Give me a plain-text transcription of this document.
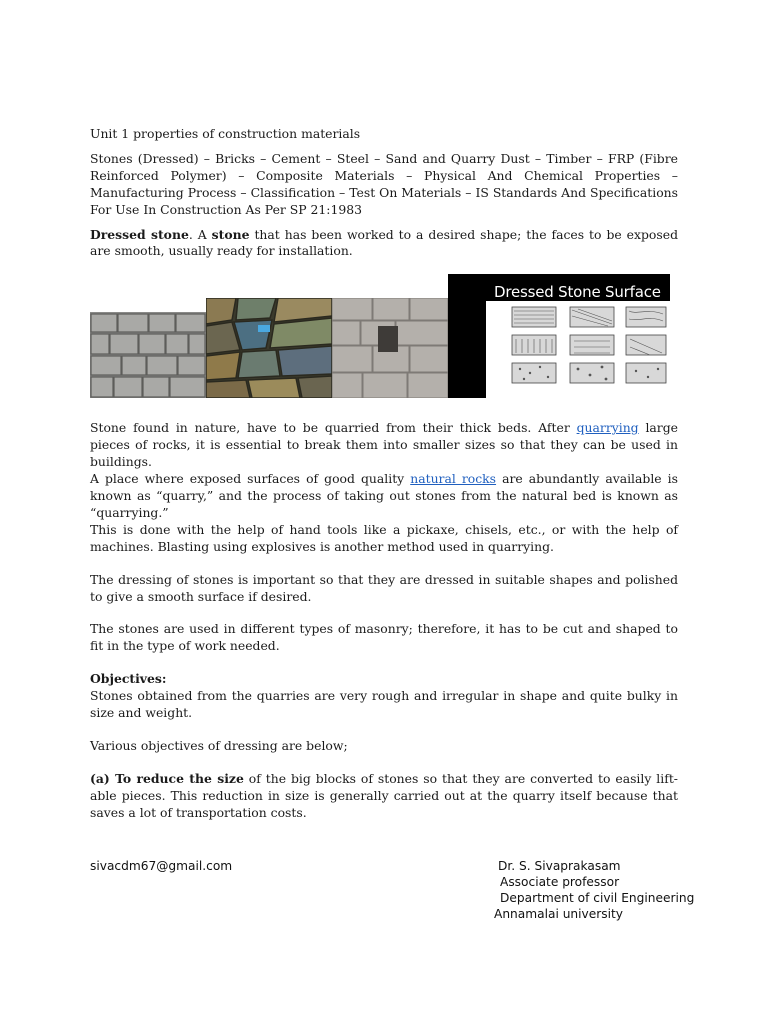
Unit 1 properties of construction materials

Stones (Dressed) – Bricks – Cement – Steel – Sand and Quarry Dust – Timber – FRP (Fibre Reinforced Polymer) – Composite Materials – Physical And Chemical Properties – Manufacturing Process – Classification – Test On Materials – IS Standards And Specifications For Use In Construction As Per SP 21:1983

Dressed stone. A stone that has been worked to a desired shape; the faces to be exposed are smooth, usually ready for installation.

Stone found in nature, have to be quarried from their thick beds. After quarrying large pieces of rocks, it is essential to break them into smaller sizes so that they can be used in buildings.
A place where exposed surfaces of good quality natural rocks are abundantly available is known as “quarry,” and the process of taking out stones from the natural bed is known as “quarrying.”
This is done with the help of hand tools like a pickaxe, chisels, etc., or with the help of machines. Blasting using explosives is another method used in quarrying.

The dressing of stones is important so that they are dressed in suitable shapes and polished to give a smooth surface if desired.

The stones are used in different types of masonry; therefore, it has to be cut and shaped to fit in the type of work needed.

Objectives:

Stones obtained from the quarries are very rough and irregular in shape and quite bulky in size and weight.

Various objectives of dressing are below;

(a) To reduce the size of the big blocks of stones so that they are converted to easily lift-able pieces. This reduction in size is generally carried out at the quarry itself because that saves a lot of transportation costs.

Dressed Stone Surface
sivacdm67@gmail.com	Dr. S. Sivaprakasam
Associate professor
Department of civil Engineering
Annamalai university
